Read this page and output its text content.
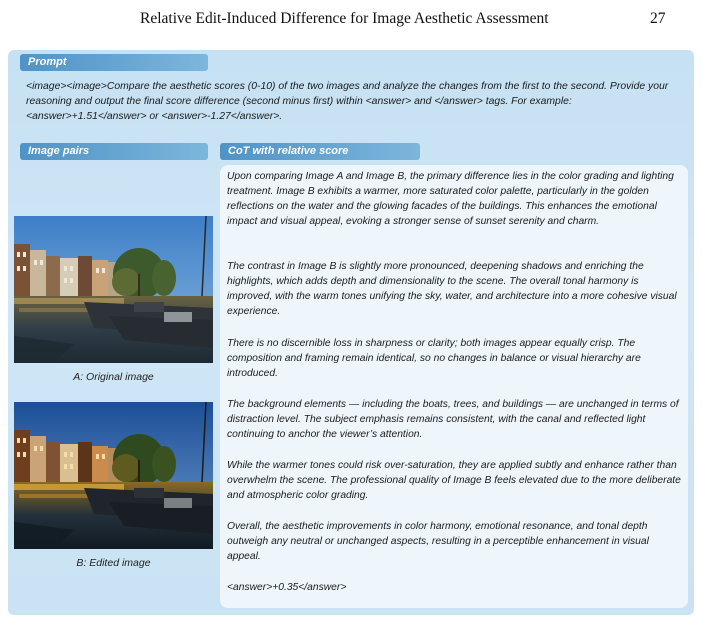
Relative Edit-Induced Difference for Image Aesthetic Assessment	27
Prompt
<image><image>Compare the aesthetic scores (0-10) of the two images and analyze the changes from the first to the second. Provide your reasoning and output the final score difference (second minus first) within <answer> and </answer> tags. For example: <answer>+1.51</answer> or <answer>-1.27</answer>.
Image pairs	CoT with relative score
A: Original image
B: Edited image

Upon comparing Image A and Image B, the primary difference lies in the color grading and lighting treatment. Image B exhibits a warmer, more saturated color palette, particularly in the golden reflections on the water and the glowing facades of the buildings. This enhances the emotional impact and visual appeal, evoking a stronger sense of sunset serenity and charm.

The contrast in Image B is slightly more pronounced, deepening shadows and enriching the highlights, which adds depth and dimensionality to the scene. The overall tonal harmony is improved, with the warm tones unifying the sky, water, and architecture into a more cohesive visual experience.

There is no discernible loss in sharpness or clarity; both images appear equally crisp. The composition and framing remain identical, so no changes in balance or visual hierarchy are introduced.

The background elements — including the boats, trees, and buildings — are unchanged in terms of distraction level. The subject emphasis remains consistent, with the canal and reflected light continuing to anchor the viewer’s attention.

While the warmer tones could risk over-saturation, they are applied subtly and enhance rather than overwhelm the scene. The professional quality of Image B feels elevated due to the more deliberate and atmospheric color grading.

Overall, the aesthetic improvements in color harmony, emotional resonance, and tonal depth outweigh any neutral or unchanged aspects, resulting in a perceptible enhancement in visual appeal.

<answer>+0.35</answer>
